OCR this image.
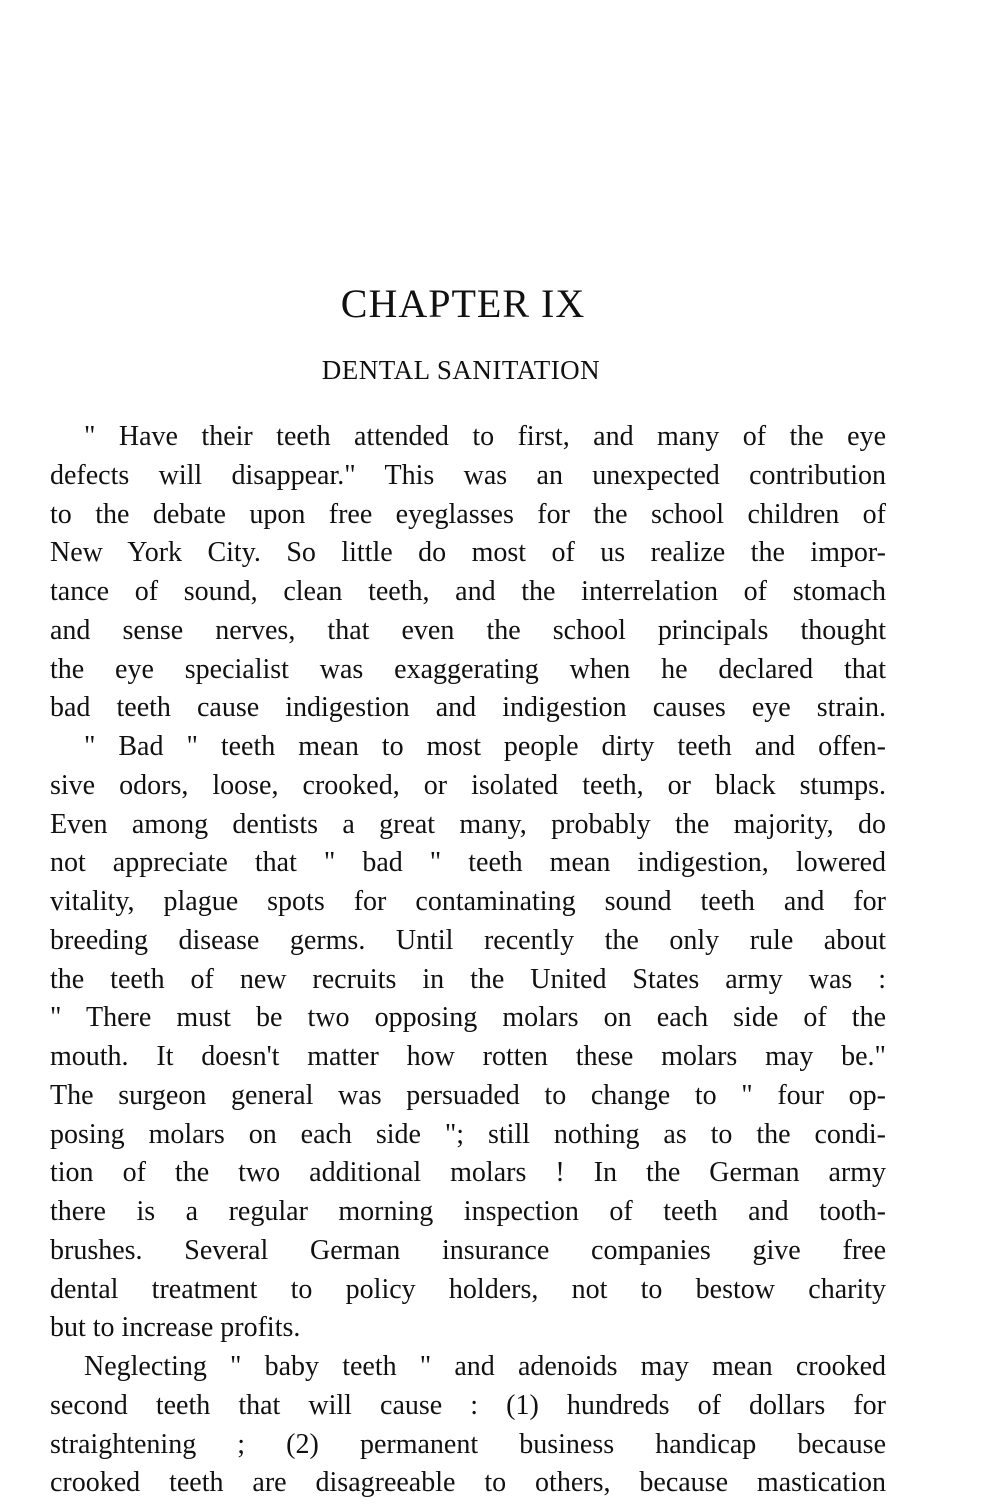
CHAPTER IX
DENTAL SANITATION
" Have their teeth attended to first, and many of the eye
defects will disappear." This was an unexpected contribution
to the debate upon free eyeglasses for the school children of
New York City. So little do most of us realize the impor-
tance of sound, clean teeth, and the interrelation of stomach
and sense nerves, that even the school principals thought
the eye specialist was exaggerating when he declared that
bad teeth cause indigestion and indigestion causes eye strain.
" Bad " teeth mean to most people dirty teeth and offen-
sive odors, loose, crooked, or isolated teeth, or black stumps.
Even among dentists a great many, probably the majority, do
not appreciate that " bad " teeth mean indigestion, lowered
vitality, plague spots for contaminating sound teeth and for
breeding disease germs. Until recently the only rule about
the teeth of new recruits in the United States army was :
" There must be two opposing molars on each side of the
mouth. It doesn't matter how rotten these molars may be."
The surgeon general was persuaded to change to " four op-
posing molars on each side "; still nothing as to the condi-
tion of the two additional molars ! In the German army
there is a regular morning inspection of teeth and tooth-
brushes. Several German insurance companies give free
dental treatment to policy holders, not to bestow charity
but to increase profits.
Neglecting " baby teeth " and adenoids may mean crooked
second teeth that will cause : (1) hundreds of dollars for
straightening ; (2) permanent business handicap because
crooked teeth are disagreeable to others, because mastication
